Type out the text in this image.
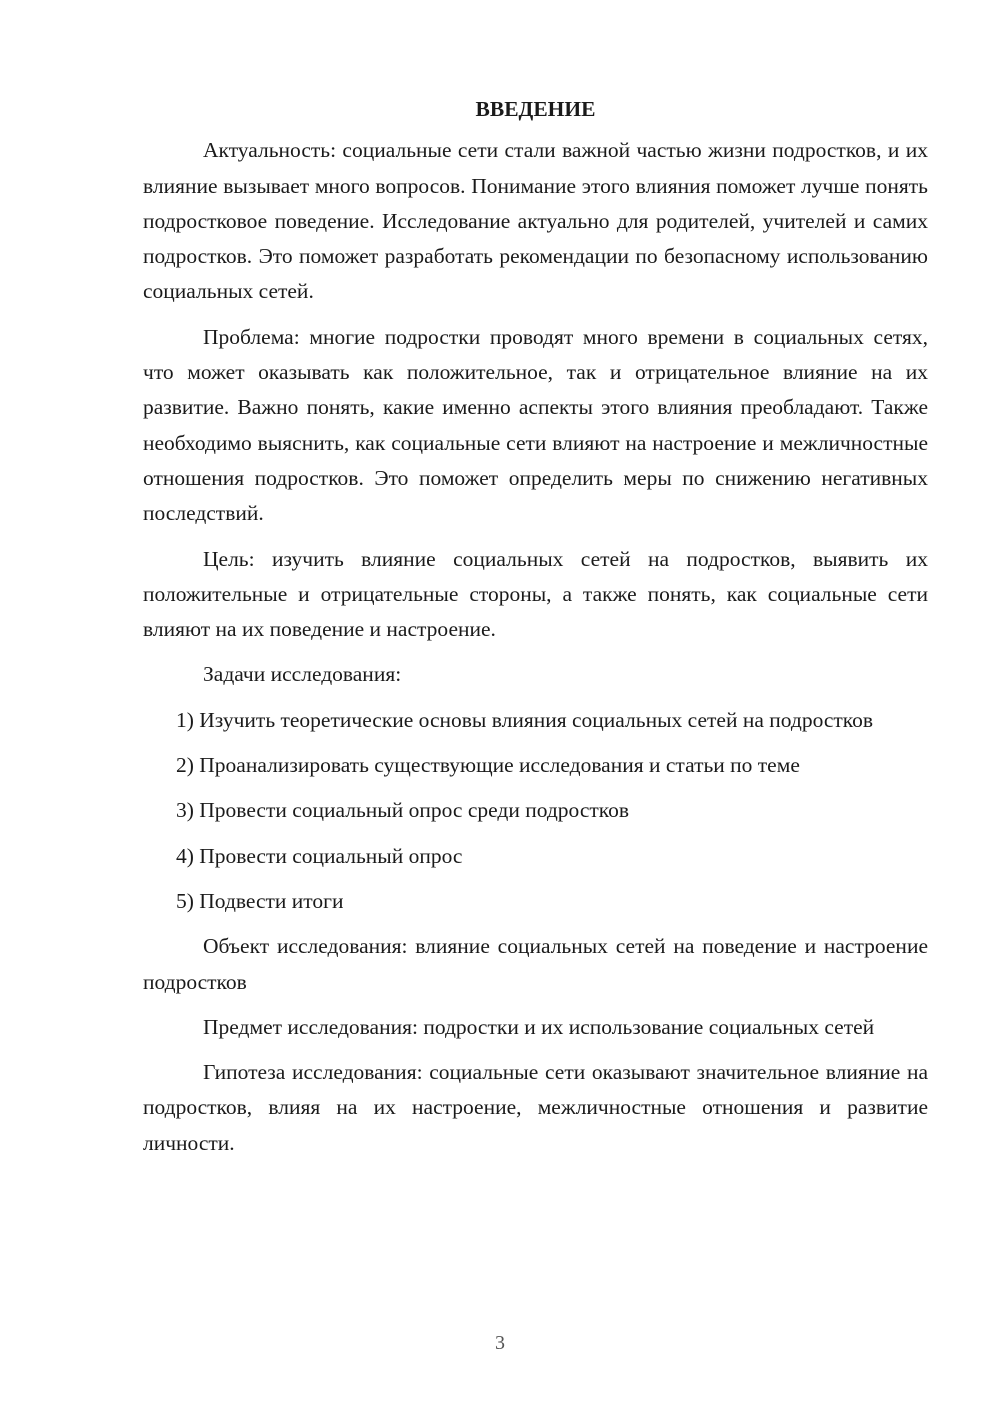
ВВЕДЕНИЕ

Актуальность: социальные сети стали важной частью жизни подростков, и их влияние вызывает много вопросов. Понимание этого влияния поможет лучше понять подростковое поведение. Исследование актуально для родителей, учителей и самих подростков. Это поможет разработать рекомендации по безопасному использованию социальных сетей.

Проблема: многие подростки проводят много времени в социальных сетях, что может оказывать как положительное, так и отрицательное влияние на их развитие. Важно понять, какие именно аспекты этого влияния преобладают. Также необходимо выяснить, как социальные сети влияют на настроение и межличностные отношения подростков. Это поможет определить меры по снижению негативных последствий.

Цель: изучить влияние социальных сетей на подростков, выявить их положительные и отрицательные стороны, а также понять, как социальные сети влияют на их поведение и настроение.

Задачи исследования:

1) Изучить теоретические основы влияния социальных сетей на подростков

2) Проанализировать существующие исследования и статьи по теме

3) Провести социальный опрос среди подростков

4) Провести социальный опрос

5) Подвести итоги

Объект исследования: влияние социальных сетей на поведение и настроение подростков

Предмет исследования: подростки и их использование социальных сетей

Гипотеза исследования: социальные сети оказывают значительное влияние на подростков, влияя на их настроение, межличностные отношения и развитие личности.

3
